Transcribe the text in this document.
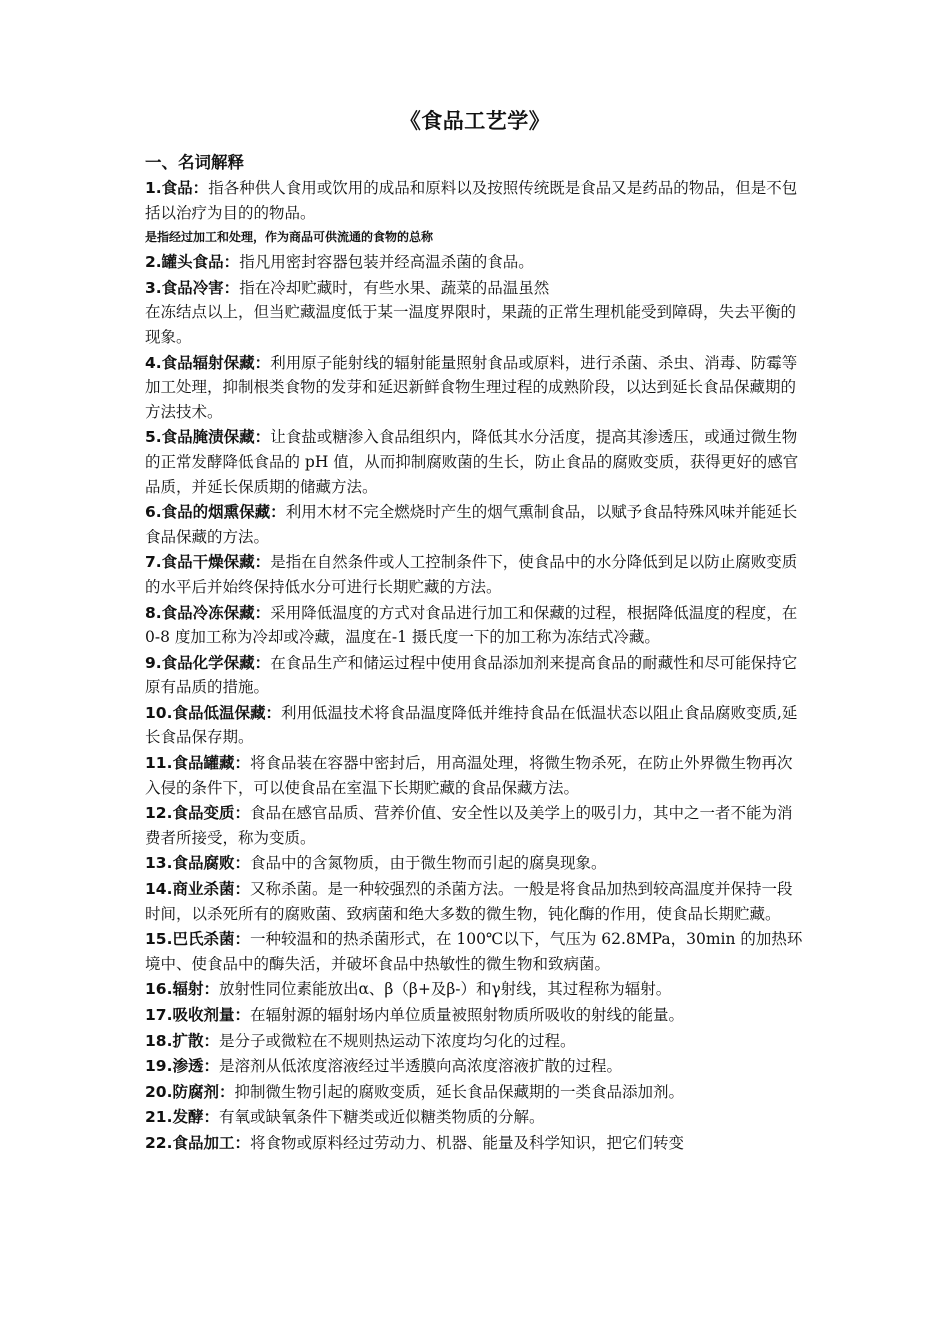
《食品工艺学》
一、名词解释

1.食品：指各种供人食用或饮用的成品和原料以及按照传统既是食品又是药品的物品，但是不包括以治疗为目的的物品。

是指经过加工和处理，作为商品可供流通的食物的总称

2.罐头食品：指凡用密封容器包装并经高温杀菌的食品。

3.食品冷害：指在冷却贮藏时，有些水果、蔬菜的品温虽然

在冻结点以上，但当贮藏温度低于某一温度界限时，果蔬的正常生理机能受到障碍，失去平衡的现象。

4.食品辐射保藏：利用原子能射线的辐射能量照射食品或原料，进行杀菌、杀虫、消毒、防霉等加工处理，抑制根类食物的发芽和延迟新鲜食物生理过程的成熟阶段，以达到延长食品保藏期的方法技术。

5.食品腌渍保藏：让食盐或糖渗入食品组织内，降低其水分活度，提高其渗透压，或通过微生物的正常发酵降低食品的 pH 值，从而抑制腐败菌的生长，防止食品的腐败变质，获得更好的感官品质，并延长保质期的储藏方法。

6.食品的烟熏保藏：利用木材不完全燃烧时产生的烟气熏制食品，以赋予食品特殊风味并能延长食品保藏的方法。

7.食品干燥保藏：是指在自然条件或人工控制条件下，使食品中的水分降低到足以防止腐败变质的水平后并始终保持低水分可进行长期贮藏的方法。

8.食品冷冻保藏：采用降低温度的方式对食品进行加工和保藏的过程，根据降低温度的程度，在 0-8 度加工称为冷却或冷藏，温度在-1 摄氏度一下的加工称为冻结式冷藏。

9.食品化学保藏：在食品生产和储运过程中使用食品添加剂来提高食品的耐藏性和尽可能保持它原有品质的措施。

10.食品低温保藏：利用低温技术将食品温度降低并维持食品在低温状态以阻止食品腐败变质,延长食品保存期。

11.食品罐藏：将食品装在容器中密封后，用高温处理，将微生物杀死，在防止外界微生物再次入侵的条件下，可以使食品在室温下长期贮藏的食品保藏方法。

12.食品变质：食品在感官品质、营养价值、安全性以及美学上的吸引力，其中之一者不能为消费者所接受，称为变质。

13.食品腐败：食品中的含氮物质，由于微生物而引起的腐臭现象。

14.商业杀菌：又称杀菌。是一种较强烈的杀菌方法。一般是将食品加热到较高温度并保持一段时间，以杀死所有的腐败菌、致病菌和绝大多数的微生物，钝化酶的作用，使食品长期贮藏。

15.巴氏杀菌：一种较温和的热杀菌形式，在 100℃以下，气压为 62.8MPa，30min 的加热环境中、使食品中的酶失活，并破坏食品中热敏性的微生物和致病菌。

16.辐射：放射性同位素能放出α、β（β+及β-）和γ射线，其过程称为辐射。

17.吸收剂量：在辐射源的辐射场内单位质量被照射物质所吸收的射线的能量。

18.扩散：是分子或微粒在不规则热运动下浓度均匀化的过程。

19.渗透：是溶剂从低浓度溶液经过半透膜向高浓度溶液扩散的过程。

20.防腐剂：抑制微生物引起的腐败变质，延长食品保藏期的一类食品添加剂。

21.发酵：有氧或缺氧条件下糖类或近似糖类物质的分解。

22.食品加工：将食物或原料经过劳动力、机器、能量及科学知识，把它们转变
